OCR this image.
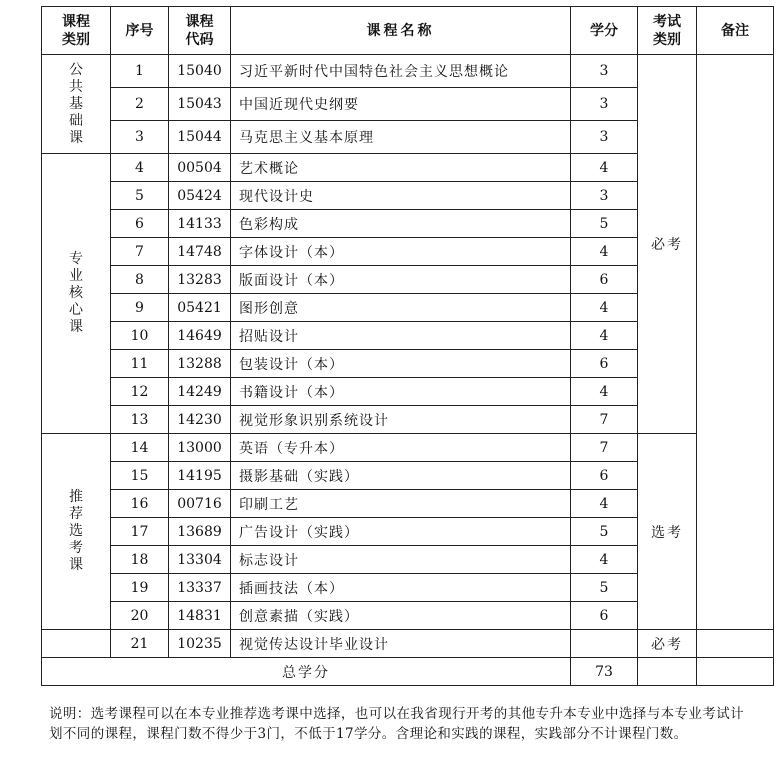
课程类别	序号	课程代码	课程名称	学分	考试类别	备注
公共基础课	1	15040	习近平新时代中国特色社会主义思想概论	3	必考	
	2	15043	中国近现代史纲要	3		
	3	15044	马克思主义基本原理	3		
专业核心课	4	00504	艺术概论	4		
	5	05424	现代设计史	3		
	6	14133	色彩构成	5		
	7	14748	字体设计（本）	4		
	8	13283	版面设计（本）	6		
	9	05421	图形创意	4		
	10	14649	招贴设计	4		
	11	13288	包装设计（本）	6		
	12	14249	书籍设计（本）	4		
	13	14230	视觉形象识别系统设计	7		
推荐选考课	14	13000	英语（专升本）	7	选考	
	15	14195	摄影基础（实践）	6		
	16	00716	印刷工艺	4		
	17	13689	广告设计（实践）	5		
	18	13304	标志设计	4		
	19	13337	插画技法（本）	5		
	20	14831	创意素描（实践）	6		
	21	10235	视觉传达设计毕业设计		必考	
总学分				73		

说明：选考课程可以在本专业推荐选考课中选择，也可以在我省现行开考的其他专升本专业中选择与本专业考试计划不同的课程，课程门数不得少于3门，不低于17学分。含理论和实践的课程，实践部分不计课程门数。
